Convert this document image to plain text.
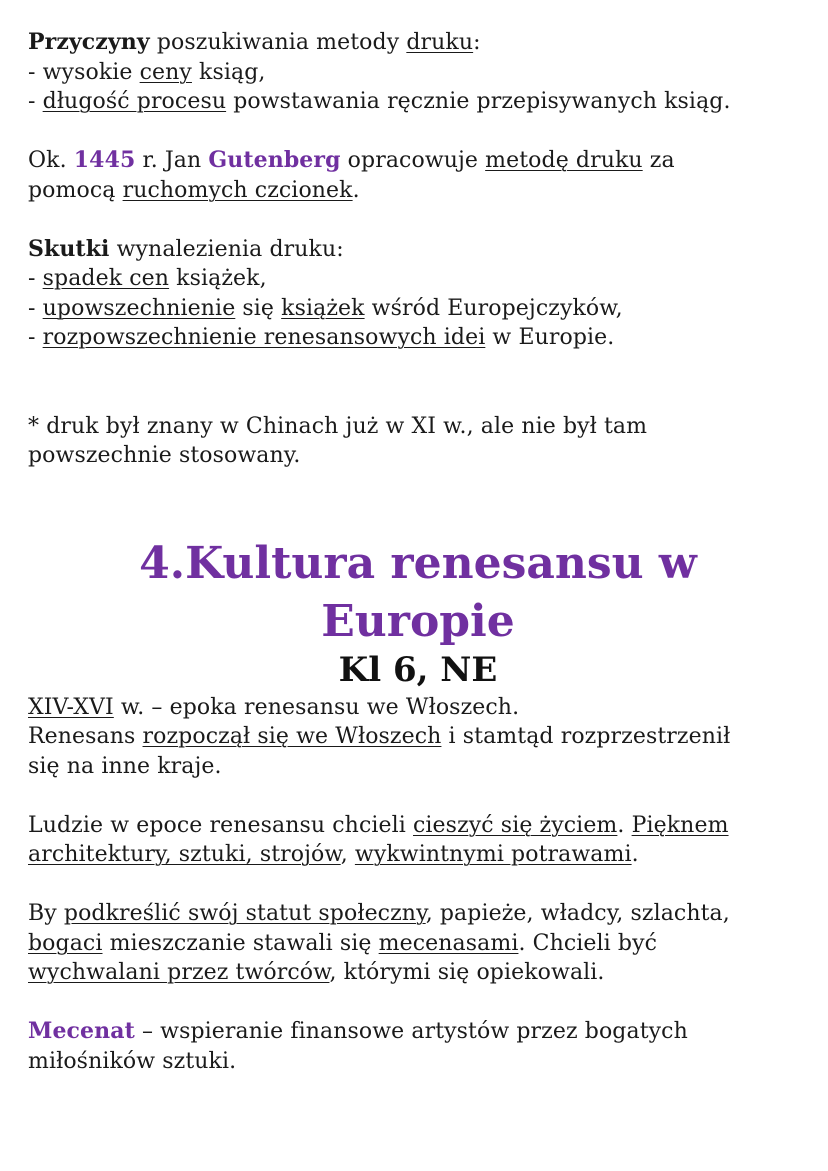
Przyczyny poszukiwania metody druku:
- wysokie ceny ksiąg,
- długość procesu powstawania ręcznie przepisywanych ksiąg.
Ok. 1445 r. Jan Gutenberg opracowuje metodę druku za
pomocą ruchomych czcionek.
Skutki wynalezienia druku:
- spadek cen książek,
- upowszechnienie się książek wśród Europejczyków,
- rozpowszechnienie renesansowych idei w Europie.
* druk był znany w Chinach już w XI w., ale nie był tam
powszechnie stosowany.
4.Kultura renesansu w
Europie
Kl 6, NE
XIV-XVI w. – epoka renesansu we Włoszech.
Renesans rozpoczął się we Włoszech i stamtąd rozprzestrzenił
się na inne kraje.
Ludzie w epoce renesansu chcieli cieszyć się życiem. Pięknem
architektury, sztuki, strojów, wykwintnymi potrawami.
By podkreślić swój statut społeczny, papieże, władcy, szlachta,
bogaci mieszczanie stawali się mecenasami. Chcieli być
wychwalani przez twórców, którymi się opiekowali.
Mecenat – wspieranie finansowe artystów przez bogatych
miłośników sztuki.
